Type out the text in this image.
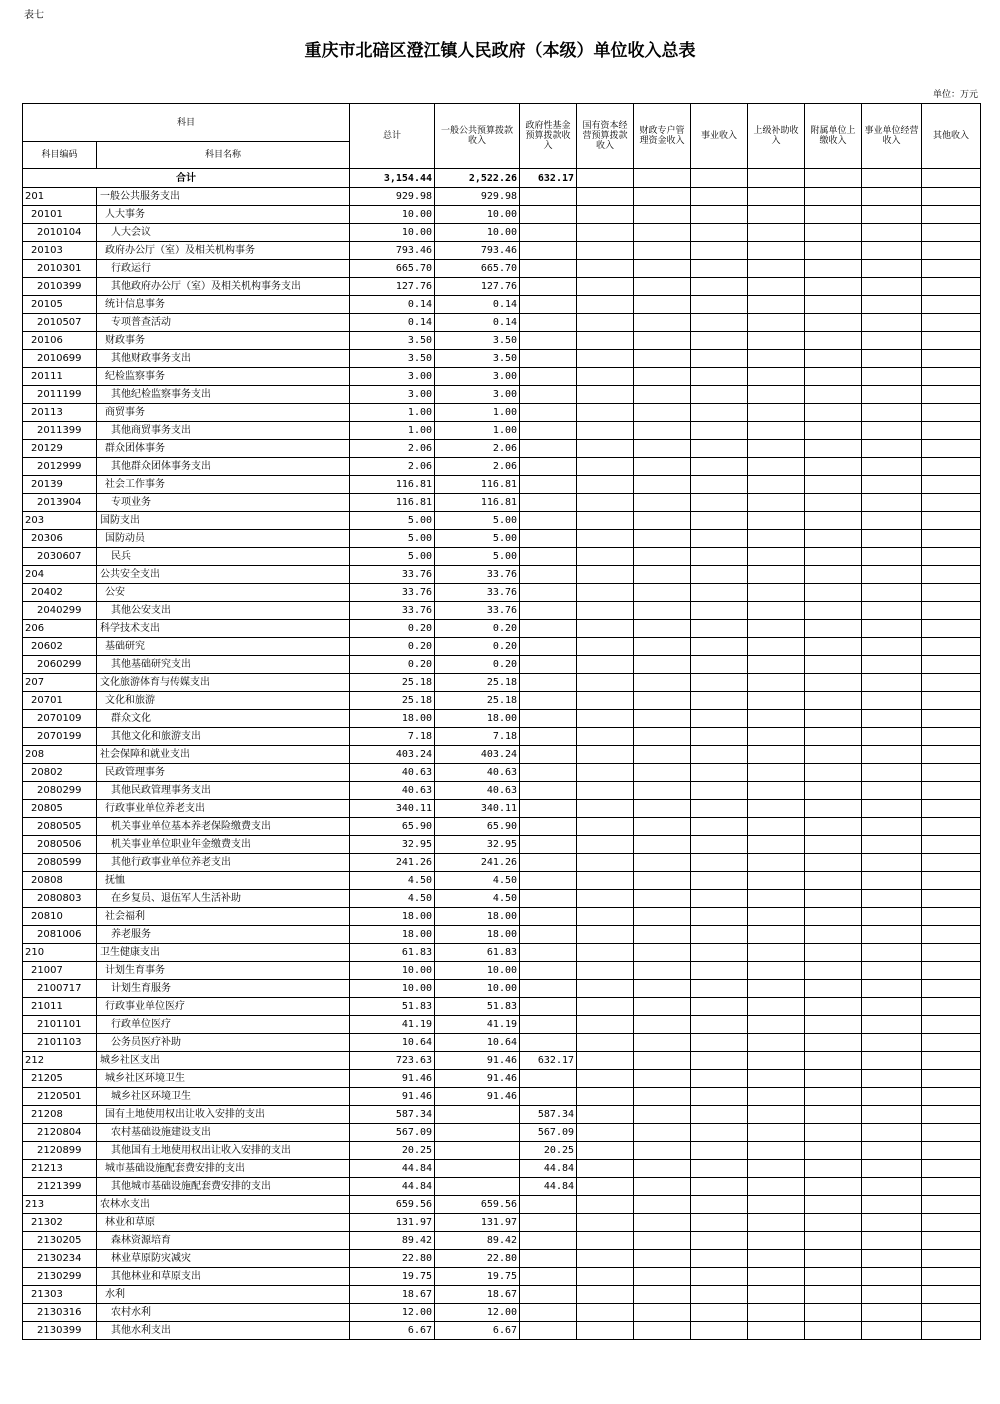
表七
重庆市北碚区澄江镇人民政府（本级）单位收入总表
单位：万元
科目		总计	一般公共预算拨款收入	政府性基金预算拨款收入	国有资本经营预算拨款收入	财政专户管理资金收入	事业收入	上级补助收入	附属单位上缴收入	事业单位经营收入	其他收入
科目编码	科目名称										
合计		3,154.44	2,522.26	632.17							
201	一般公共服务支出	929.98	929.98								
20101	人大事务	10.00	10.00								
2010104	人大会议	10.00	10.00								
20103	政府办公厅（室）及相关机构事务	793.46	793.46								
2010301	行政运行	665.70	665.70								
2010399	其他政府办公厅（室）及相关机构事务支出	127.76	127.76								
20105	统计信息事务	0.14	0.14								
2010507	专项普查活动	0.14	0.14								
20106	财政事务	3.50	3.50								
2010699	其他财政事务支出	3.50	3.50								
20111	纪检监察事务	3.00	3.00								
2011199	其他纪检监察事务支出	3.00	3.00								
20113	商贸事务	1.00	1.00								
2011399	其他商贸事务支出	1.00	1.00								
20129	群众团体事务	2.06	2.06								
2012999	其他群众团体事务支出	2.06	2.06								
20139	社会工作事务	116.81	116.81								
2013904	专项业务	116.81	116.81								
203	国防支出	5.00	5.00								
20306	国防动员	5.00	5.00								
2030607	民兵	5.00	5.00								
204	公共安全支出	33.76	33.76								
20402	公安	33.76	33.76								
2040299	其他公安支出	33.76	33.76								
206	科学技术支出	0.20	0.20								
20602	基础研究	0.20	0.20								
2060299	其他基础研究支出	0.20	0.20								
207	文化旅游体育与传媒支出	25.18	25.18								
20701	文化和旅游	25.18	25.18								
2070109	群众文化	18.00	18.00								
2070199	其他文化和旅游支出	7.18	7.18								
208	社会保障和就业支出	403.24	403.24								
20802	民政管理事务	40.63	40.63								
2080299	其他民政管理事务支出	40.63	40.63								
20805	行政事业单位养老支出	340.11	340.11								
2080505	机关事业单位基本养老保险缴费支出	65.90	65.90								
2080506	机关事业单位职业年金缴费支出	32.95	32.95								
2080599	其他行政事业单位养老支出	241.26	241.26								
20808	抚恤	4.50	4.50								
2080803	在乡复员、退伍军人生活补助	4.50	4.50								
20810	社会福利	18.00	18.00								
2081006	养老服务	18.00	18.00								
210	卫生健康支出	61.83	61.83								
21007	计划生育事务	10.00	10.00								
2100717	计划生育服务	10.00	10.00								
21011	行政事业单位医疗	51.83	51.83								
2101101	行政单位医疗	41.19	41.19								
2101103	公务员医疗补助	10.64	10.64								
212	城乡社区支出	723.63	91.46	632.17							
21205	城乡社区环境卫生	91.46	91.46								
2120501	城乡社区环境卫生	91.46	91.46								
21208	国有土地使用权出让收入安排的支出	587.34		587.34							
2120804	农村基础设施建设支出	567.09		567.09							
2120899	其他国有土地使用权出让收入安排的支出	20.25		20.25							
21213	城市基础设施配套费安排的支出	44.84		44.84							
2121399	其他城市基础设施配套费安排的支出	44.84		44.84							
213	农林水支出	659.56	659.56								
21302	林业和草原	131.97	131.97								
2130205	森林资源培育	89.42	89.42								
2130234	林业草原防灾减灾	22.80	22.80								
2130299	其他林业和草原支出	19.75	19.75								
21303	水利	18.67	18.67								
2130316	农村水利	12.00	12.00								
2130399	其他水利支出	6.67	6.67								
